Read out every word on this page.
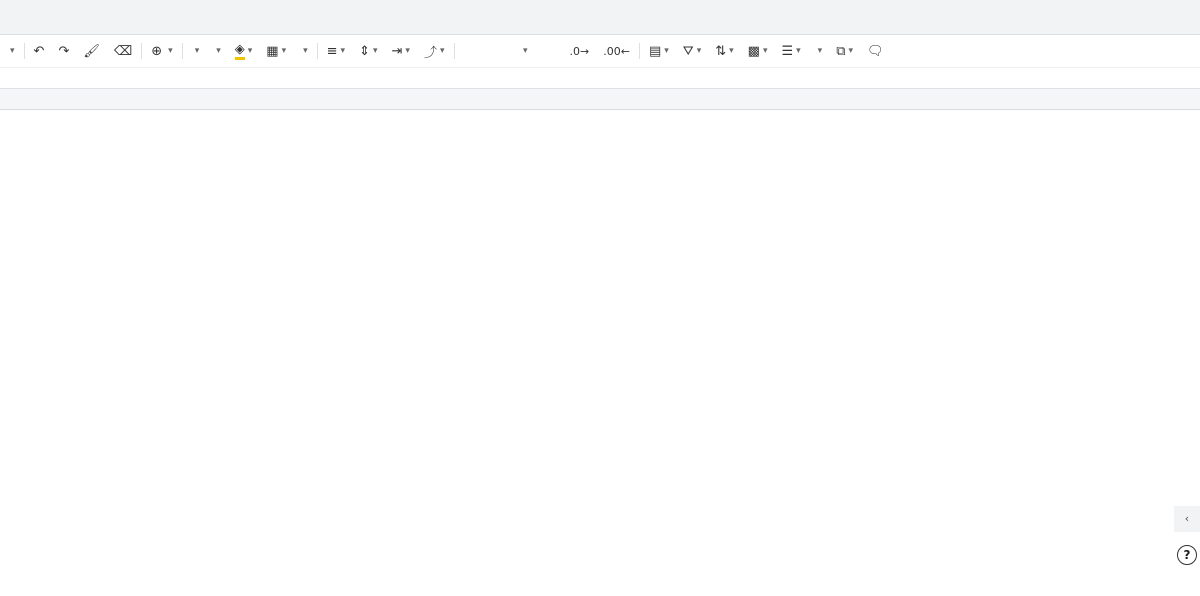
▾ ↶ ↷ 🖌 ⌫ ⊕ ▾ ▾ ▾ ◈ ▾ ▦ ▾ ▾ ≡ ▾ ⇕ ▾ ⇥ ▾ ⤴ ▾	▾	.0→ .00← ▤ ▾ ⛛ ▾ ⇅ ▾ ▩ ▾ ☰ ▾ ▾ ⧉ ▾ 🗨
‹
?
